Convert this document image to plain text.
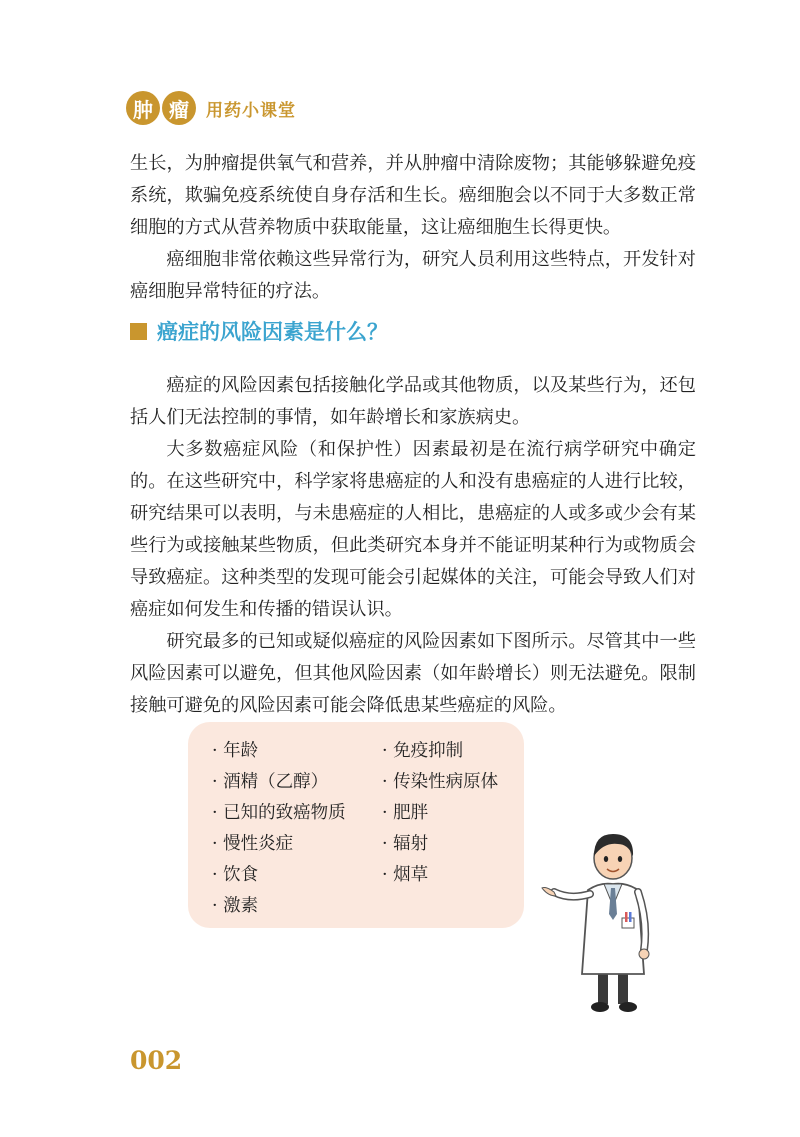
肿 瘤	用药小课堂

生长，为肿瘤提供氧气和营养，并从肿瘤中清除废物；其能够躲避免疫系统，欺骗免疫系统使自身存活和生长。癌细胞会以不同于大多数正常细胞的方式从营养物质中获取能量，这让癌细胞生长得更快。

癌细胞非常依赖这些异常行为，研究人员利用这些特点，开发针对癌细胞异常特征的疗法。

癌症的风险因素是什么？

癌症的风险因素包括接触化学品或其他物质，以及某些行为，还包括人们无法控制的事情，如年龄增长和家族病史。

大多数癌症风险（和保护性）因素最初是在流行病学研究中确定的。在这些研究中，科学家将患癌症的人和没有患癌症的人进行比较，研究结果可以表明，与未患癌症的人相比，患癌症的人或多或少会有某些行为或接触某些物质，但此类研究本身并不能证明某种行为或物质会导致癌症。这种类型的发现可能会引起媒体的关注，可能会导致人们对癌症如何发生和传播的错误认识。

研究最多的已知或疑似癌症的风险因素如下图所示。尽管其中一些风险因素可以避免，但其他风险因素（如年龄增长）则无法避免。限制接触可避免的风险因素可能会降低患某些癌症的风险。

· 年龄
· 酒精（乙醇）
· 已知的致癌物质
· 慢性炎症
· 饮食
· 激素
· 免疫抑制
· 传染性病原体
· 肥胖
· 辐射
· 烟草
002
